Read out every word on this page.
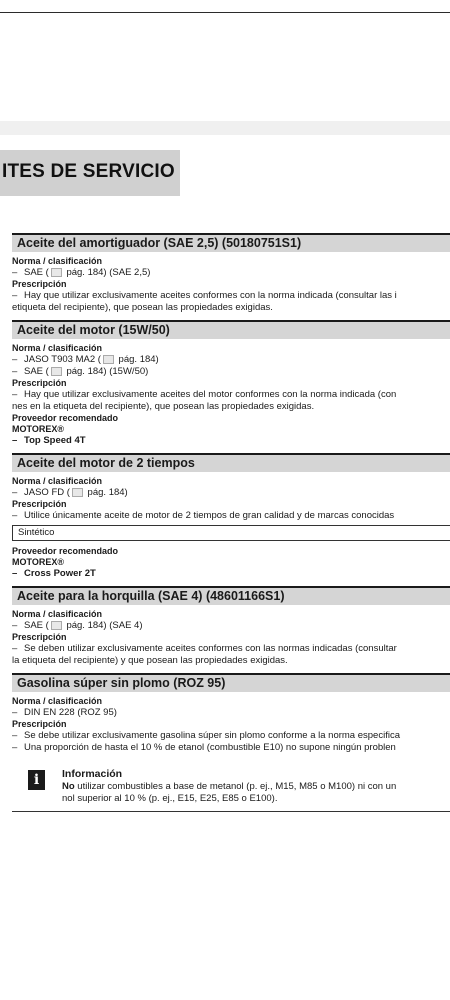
ITES DE SERVICIO
Aceite del amortiguador (SAE 2,5) (50180751S1)
Norma / clasificación
– SAE ( pág. 184) (SAE 2,5)
Prescripción
– Hay que utilizar exclusivamente aceites conformes con la norma indicada (consultar las i
etiqueta del recipiente), que posean las propiedades exigidas.
Aceite del motor (15W/50)
Norma / clasificación
– JASO T903 MA2 ( pág. 184)
– SAE ( pág. 184) (15W/50)
Prescripción
– Hay que utilizar exclusivamente aceites del motor conformes con la norma indicada (con
nes en la etiqueta del recipiente), que posean las propiedades exigidas.
Proveedor recomendado
MOTOREX®
– Top Speed 4T
Aceite del motor de 2 tiempos
Norma / clasificación
– JASO FD ( pág. 184)
Prescripción
– Utilice únicamente aceite de motor de 2 tiempos de gran calidad y de marcas conocidas
Sintético
Proveedor recomendado
MOTOREX®
– Cross Power 2T
Aceite para la horquilla (SAE 4) (48601166S1)
Norma / clasificación
– SAE ( pág. 184) (SAE 4)
Prescripción
– Se deben utilizar exclusivamente aceites conformes con las normas indicadas (consultar
la etiqueta del recipiente) y que posean las propiedades exigidas.
Gasolina súper sin plomo (ROZ 95)
Norma / clasificación
– DIN EN 228 (ROZ 95)
Prescripción
– Se debe utilizar exclusivamente gasolina súper sin plomo conforme a la norma especifica
– Una proporción de hasta el 10 % de etanol (combustible E10) no supone ningún problen
i	Información
No utilizar combustibles a base de metanol (p. ej., M15, M85 o M100) ni con un
nol superior al 10 % (p. ej., E15, E25, E85 o E100).
